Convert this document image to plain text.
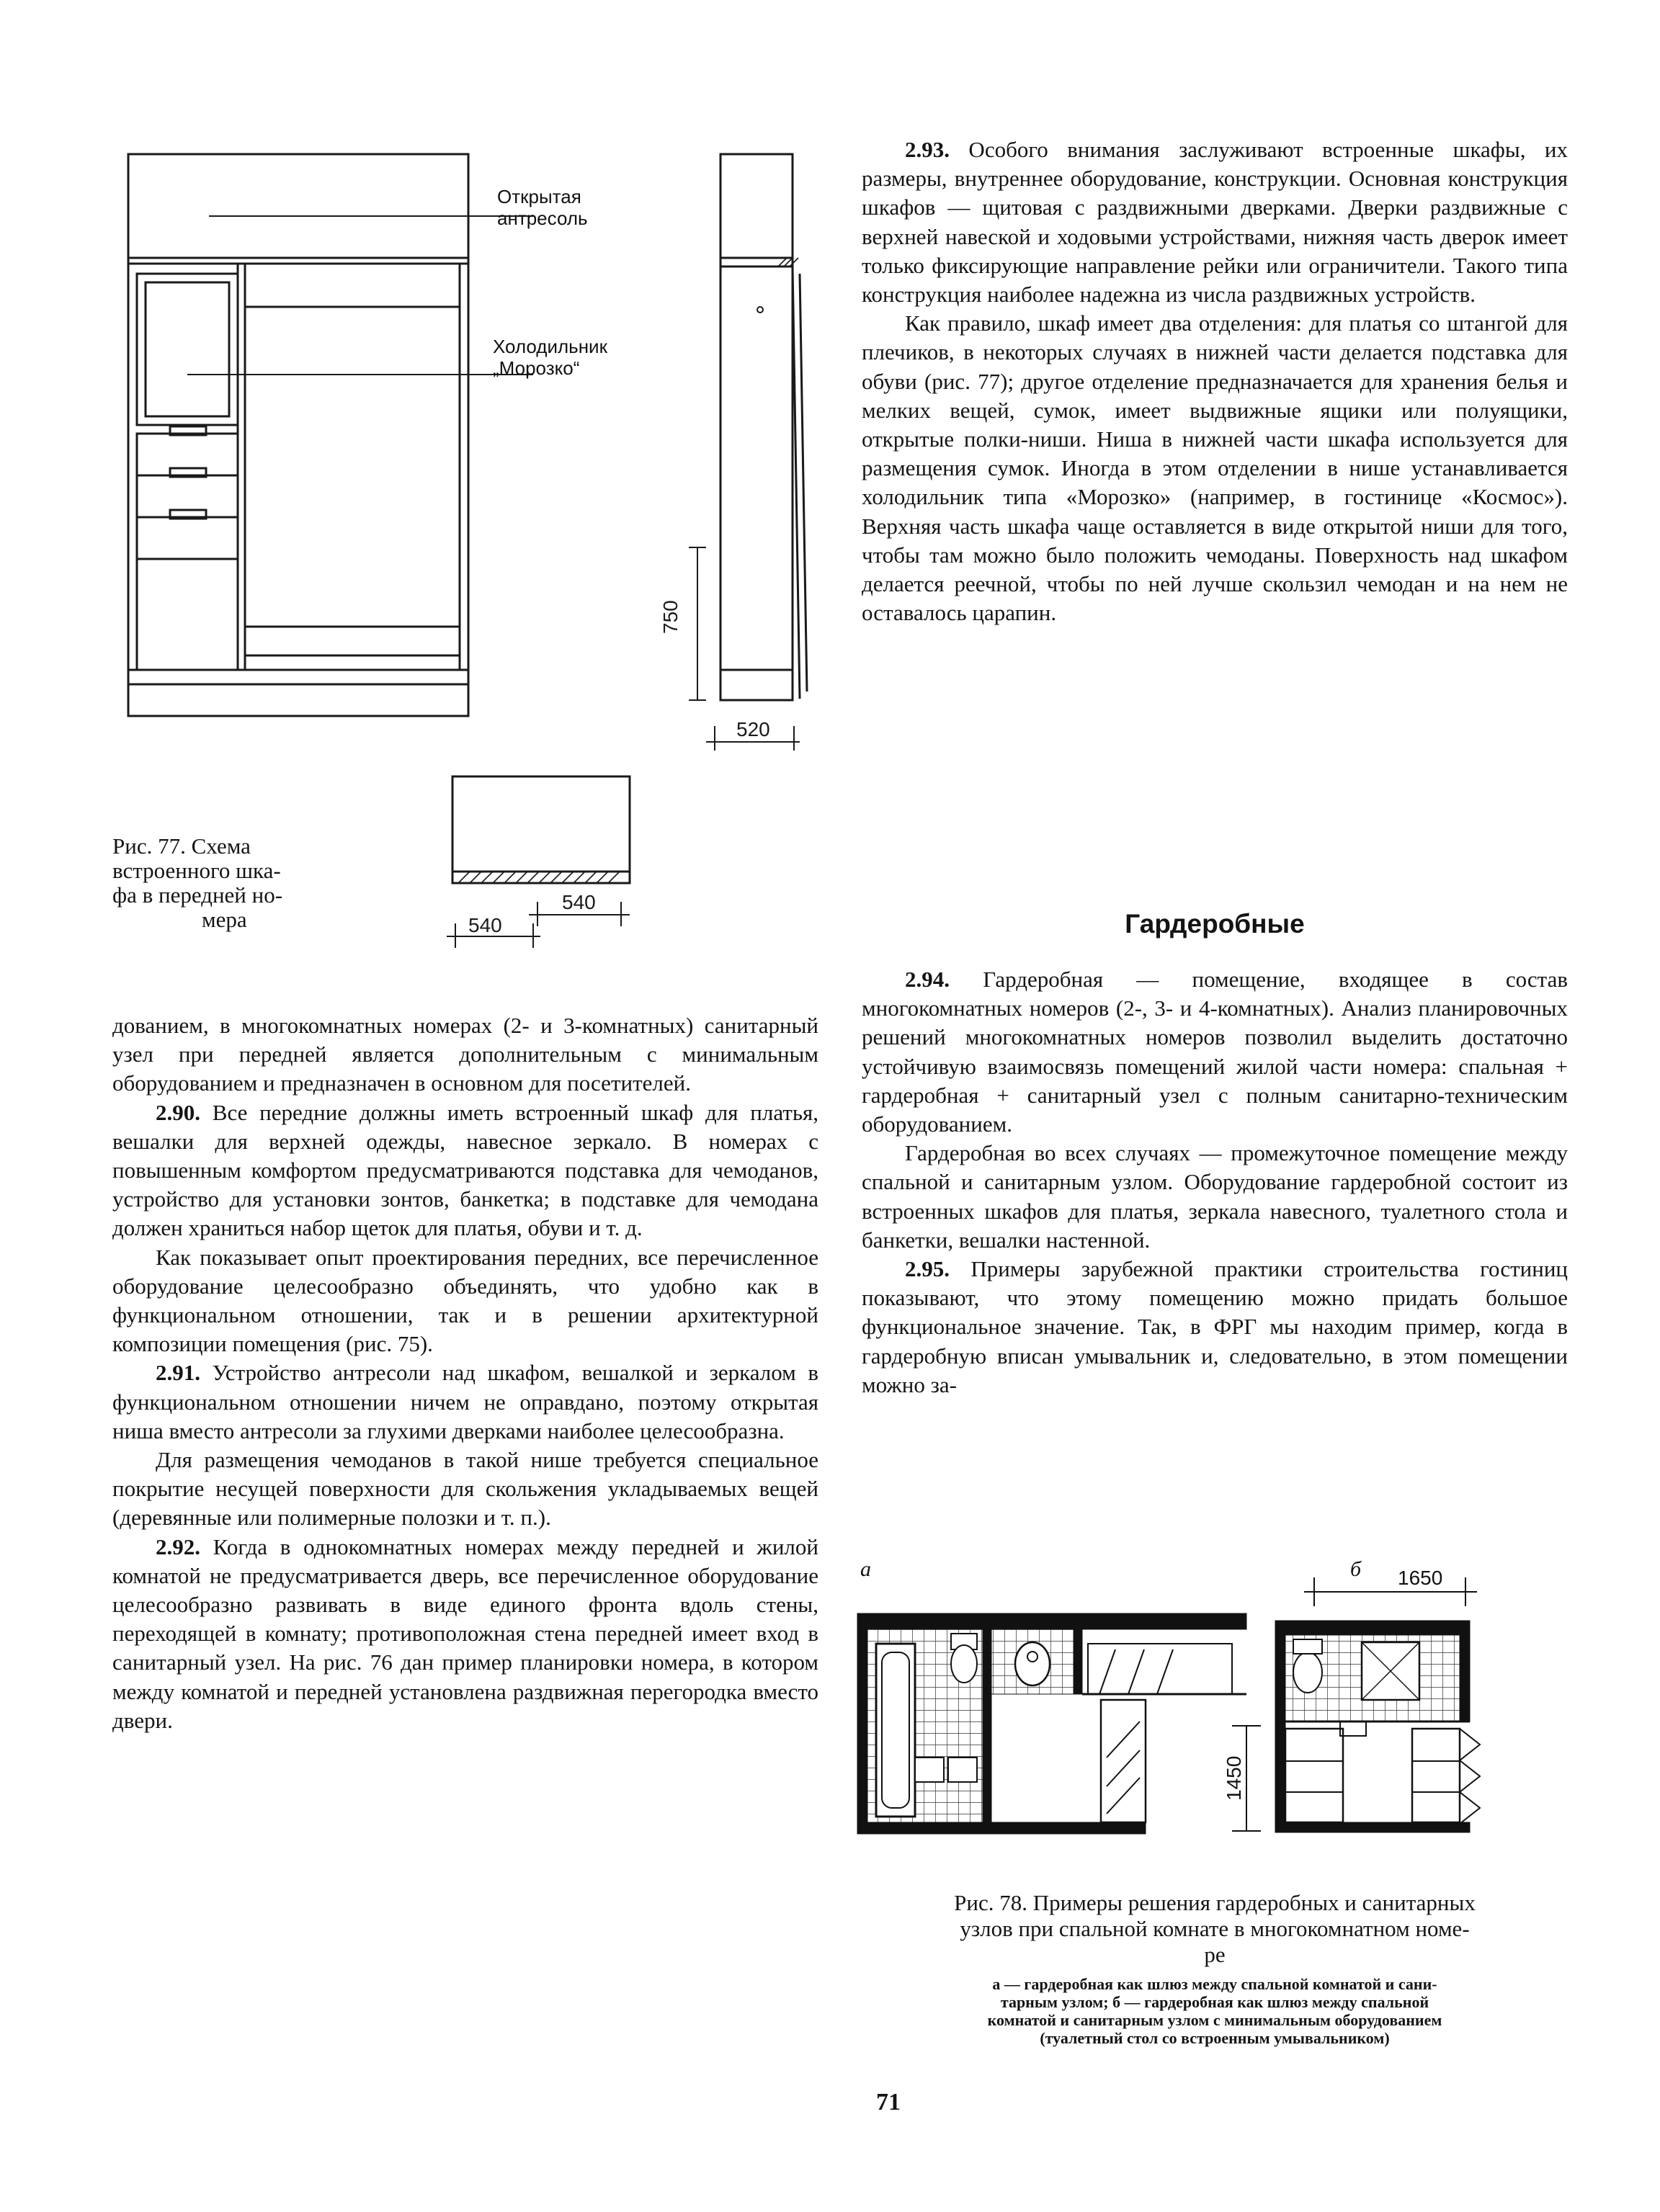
750
520
540
540
Открытая
антресоль
Холодильник
„Морозко“
Рис. 77. Схема
встроенного шка-
фа в передней но-
мера

дованием, в многокомнатных номерах (2- и 3-комнатных) санитарный узел при передней является дополнительным с минимальным оборудованием и предназначен в основном для посетителей.

2.90. Все передние должны иметь встроенный шкаф для платья, вешалки для верхней одежды, навесное зеркало. В номерах с повышенным комфортом предусматриваются подставка для чемоданов, устройство для установки зонтов, банкетка; в подставке для чемодана должен храниться набор щеток для платья, обуви и т. д.

Как показывает опыт проектирования передних, все перечисленное оборудование целесообразно объединять, что удобно как в функциональном отношении, так и в решении архитектурной композиции помещения (рис. 75).

2.91. Устройство антресоли над шкафом, вешалкой и зеркалом в функциональном отношении ничем не оправдано, поэтому открытая ниша вместо антресоли за глухими дверками наиболее целесообразна.

Для размещения чемоданов в такой нише требуется специальное покрытие несущей поверхности для скольжения укладываемых вещей (деревянные или полимерные полозки и т. п.).

2.92. Когда в однокомнатных номерах между передней и жилой комнатой не предусматривается дверь, все перечисленное оборудование целесообразно развивать в виде единого фронта вдоль стены, переходящей в комнату; противоположная стена передней имеет вход в санитарный узел. На рис. 76 дан пример планировки номера, в котором между комнатой и передней установлена раздвижная перегородка вместо двери.

2.93. Особого внимания заслуживают встроенные шкафы, их размеры, внутреннее оборудование, конструкции. Основная конструкция шкафов — щитовая с раздвижными дверками. Дверки раздвижные с верхней навеской и ходовыми устройствами, нижняя часть дверок имеет только фиксирующие направление рейки или ограничители. Такого типа конструкция наиболее надежна из числа раздвижных устройств.

Как правило, шкаф имеет два отделения: для платья со штангой для плечиков, в некоторых случаях в нижней части делается подставка для обуви (рис. 77); другое отделение предназначается для хранения белья и мелких вещей, сумок, имеет выдвижные ящики или полуящики, открытые полки-ниши. Ниша в нижней части шкафа используется для размещения сумок. Иногда в этом отделении в нише устанавливается холодильник типа «Морозко» (например, в гостинице «Космос»). Верхняя часть шкафа чаще оставляется в виде открытой ниши для того, чтобы там можно было положить чемоданы. Поверхность над шкафом делается реечной, чтобы по ней лучше скользил чемодан и на нем не оставалось царапин.

Гардеробные

2.94. Гардеробная — помещение, входящее в состав многокомнатных номеров (2-, 3- и 4-комнатных). Анализ планировочных решений многокомнатных номеров позволил выделить достаточно устойчивую взаимосвязь помещений жилой части номера: спальная + гардеробная + санитарный узел с полным санитарно-техническим оборудованием.

Гардеробная во всех случаях — промежуточное помещение между спальной и санитарным узлом. Оборудование гардеробной состоит из встроенных шкафов для платья, зеркала навесного, туалетного стола и банкетки, вешалки настенной.

2.95. Примеры зарубежной практики строительства гостиниц показывают, что этому помещению можно придать большое функциональное значение. Так, в ФРГ мы находим пример, когда в гардеробную вписан умывальник и, следовательно, в этом помещении можно за-

а	б 1650
1450
Рис. 78. Примеры решения гардеробных и санитарных
узлов при спальной комнате в многокомнатном номе-
ре
а — гардеробная как шлюз между спальной комнатой и сани-
тарным узлом; б — гардеробная как шлюз между спальной
комнатой и санитарным узлом с минимальным оборудованием
(туалетный стол со встроенным умывальником)
71
